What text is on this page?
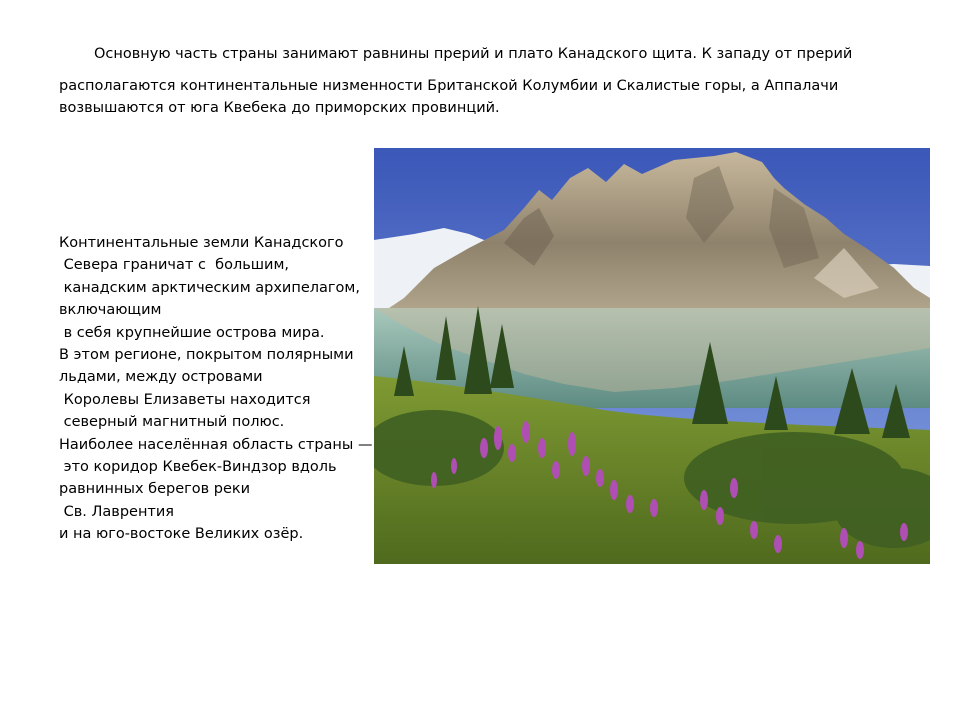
Основную часть страны занимают равнины прерий и плато Канадского щита. К западу от прерий
располагаются континентальные низменности Британской Колумбии и Скалистые горы, а Аппалачи
возвышаются от юга Квебека до приморских провинций.
Континентальные земли Канадского
Севера граничат с  большим,
канадским арктическим архипелагом,
включающим
в себя крупнейшие острова мира.
В этом регионе, покрытом полярными
льдами, между островами
Королевы Елизаветы находится
северный магнитный полюс.
Наиболее населённая область страны —
это коридор Квебек-Виндзор вдоль
равнинных берегов реки
Св. Лаврентия
и на юго-востоке Великих озёр.
